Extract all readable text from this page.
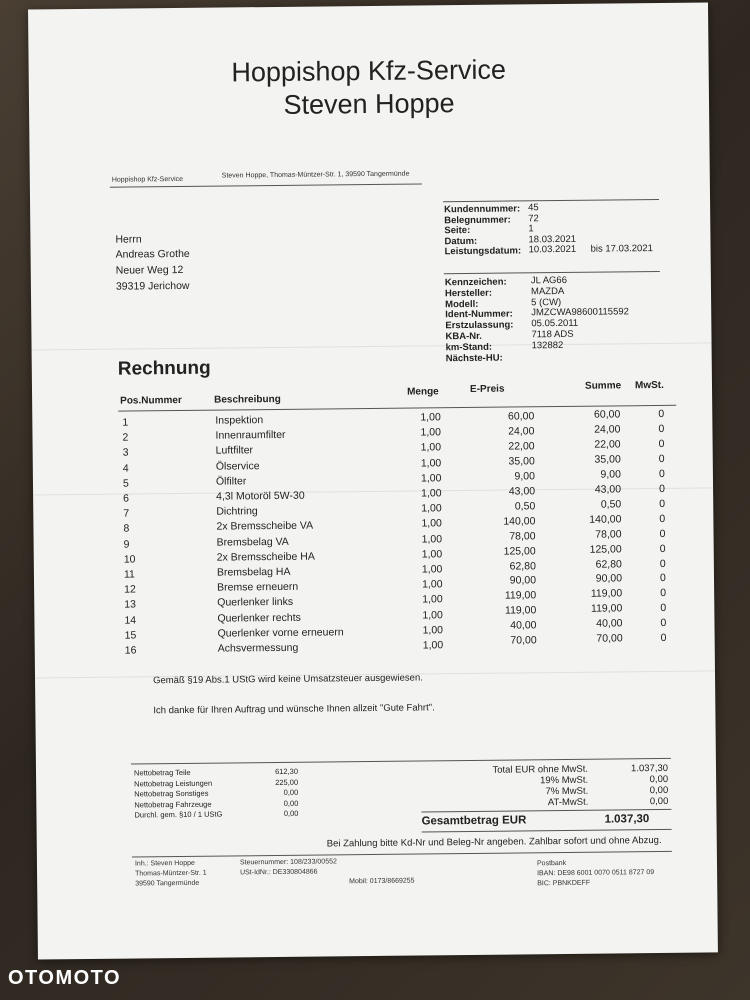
Hoppishop Kfz-Service
Steven Hoppe
Hoppishop Kfz-Service
Steven Hoppe, Thomas-Müntzer-Str. 1, 39590 Tangermünde
Herrn
Andreas Grothe
Neuer Weg 12
39319 Jerichow
Kundennummer: 45
Belegnummer: 72
Seite:	1
Datum:	18.03.2021
Leistungsdatum: 10.03.2021 bis 17.03.2021
Kennzeichen:	JL AG66
Hersteller:	MAZDA
Modell:	5 (CW)
Ident-Nummer: JMZCWA98600115592
Erstzulassung: 05.05.2011
KBA-Nr.	7118 ADS
km-Stand:	132882
Nächste-HU:
Rechnung
Pos.Nummer	Beschreibung
Menge	E-Preis	Summe MwSt.
1	Inspektion	1,00	60,00	60,00	0
2	Innenraumfilter	1,00	24,00	24,00	0
3	Luftfilter	1,00	22,00	22,00	0
4	Ölservice	1,00	35,00	35,00	0
5	Ölfilter	1,00	9,00	9,00	0
6	4,3l Motoröl 5W-30	1,00	43,00	43,00	0
7	Dichtring	1,00	0,50	0,50	0
8	2x Bremsscheibe VA	1,00	140,00	140,00	0
9	Bremsbelag VA	1,00	78,00	78,00	0
10	2x Bremsscheibe HA	1,00	125,00	125,00	0
11	Bremsbelag HA	1,00	62,80	62,80	0
12	Bremse erneuern	1,00	90,00	90,00	0
13	Querlenker links	1,00	119,00	119,00	0
14	Querlenker rechts	1,00	119,00	119,00	0
15	Querlenker vorne erneuern	1,00	40,00	40,00	0
16	Achsvermessung	1,00	70,00	70,00	0
Gemäß §19 Abs.1 UStG wird keine Umsatzsteuer ausgewiesen.
Ich danke für Ihren Auftrag und wünsche Ihnen allzeit "Gute Fahrt".
Nettobetrag Teile	612,30
Nettobetrag Leistungen	225,00
Nettobetrag Sonstiges	0,00
Nettobetrag Fahrzeuge	0,00
Durchl. gem. §10 / 1 UStG	0,00
Total EUR ohne MwSt.	1.037,30
19% MwSt.	0,00
7% MwSt.	0,00
AT-MwSt.	0,00
Gesamtbetrag EUR	1.037,30
Bei Zahlung bitte Kd-Nr und Beleg-Nr angeben. Zahlbar sofort und ohne Abzug.
Inh.: Steven Hoppe
Thomas-Müntzer-Str. 1
39590 Tangermünde
Steuernummer: 108/233/00552
USt-IdNr.: DE330804866
Mobil: 0173/8669255
Postbank
IBAN: DE98 6001 0070 0511 8727 09
BIC: PBNKDEFF
OTOMOTO
